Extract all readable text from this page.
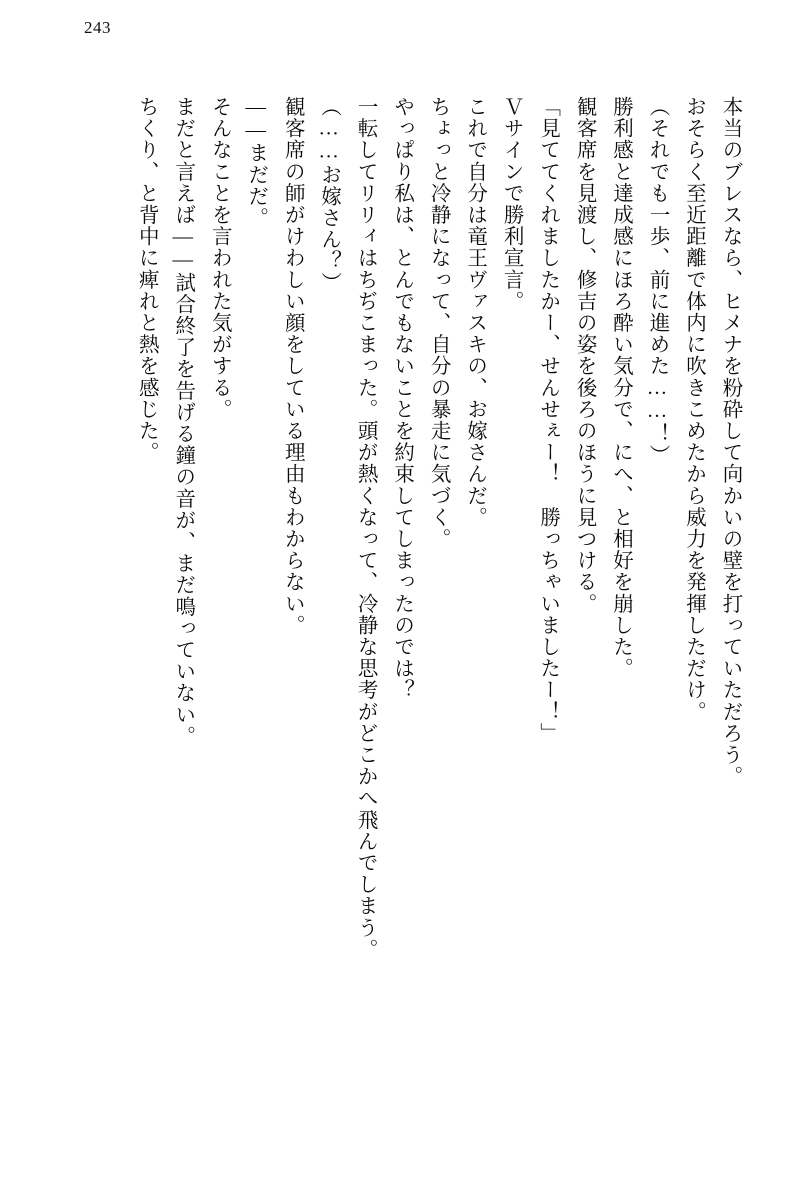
243

本当のブレスなら、ヒメナを粉砕して向かいの壁を打っていただろう。

おそらく至近距離で体内に吹きこめたから威力を発揮しただけ。

（それでも一歩、前に進めた……！）

勝利感と達成感にほろ酔い気分で、にへ、と相好を崩した。

観客席を見渡し、修吉の姿を後ろのほうに見つける。

「見ててくれましたかー、せんせぇー！　勝っちゃいましたー！」

Ｖサインで勝利宣言。

これで自分は竜王ヴァスキの、お嫁さんだ。

ちょっと冷静になって、自分の暴走に気づく。

やっぱり私は、とんでもないことを約束してしまったのでは？

一転してリリィはちぢこまった。頭が熱くなって、冷静な思考がどこかへ飛んでしまう。

（……お嫁さん？）

観客席の師がけわしい顔をしている理由もわからない。

――まだだ。

そんなことを言われた気がする。

まだと言えば――試合終了を告げる鐘の音が、まだ鳴っていない。

ちくり、と背中に痺れと熱を感じた。
